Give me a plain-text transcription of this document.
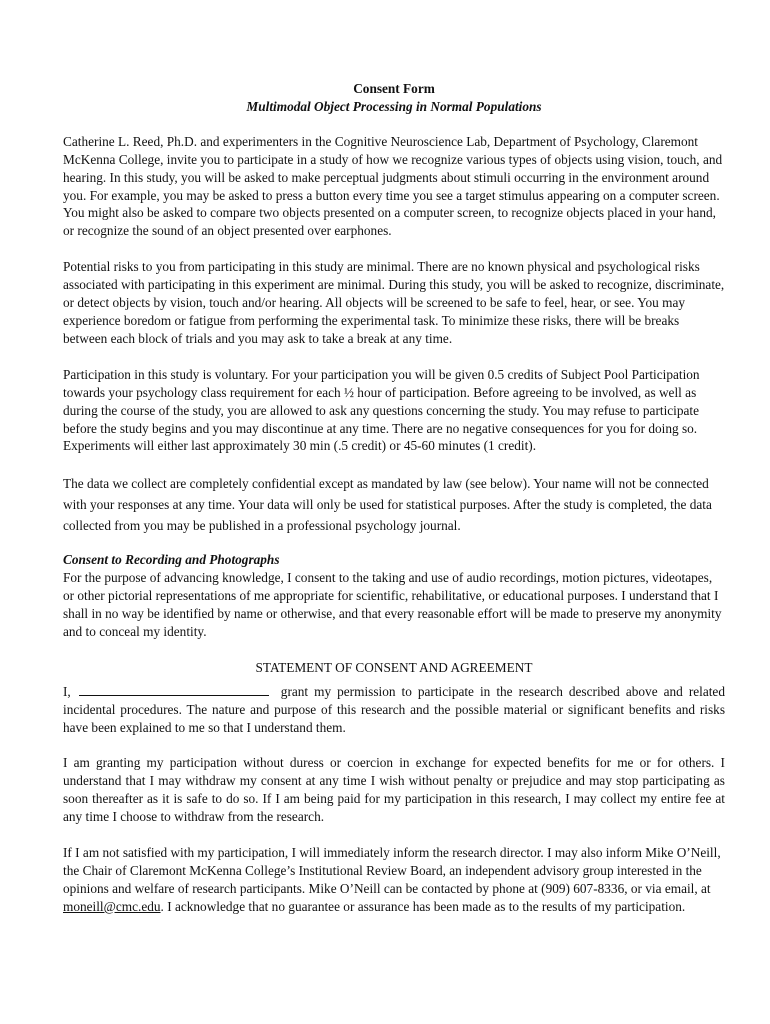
Consent Form

Multimodal Object Processing in Normal Populations

Catherine L. Reed, Ph.D. and experimenters in the Cognitive Neuroscience Lab, Department of Psychology, Claremont McKenna College, invite you to participate in a study of how we recognize various types of objects using vision, touch, and hearing. In this study, you will be asked to make perceptual judgments about stimuli occurring in the environment around you. For example, you may be asked to press a button every time you see a target stimulus appearing on a computer screen. You might also be asked to compare two objects presented on a computer screen, to recognize objects placed in your hand, or recognize the sound of an object presented over earphones.

Potential risks to you from participating in this study are minimal. There are no known physical and psychological risks associated with participating in this experiment are minimal. During this study, you will be asked to recognize, discriminate, or detect objects by vision, touch and/or hearing. All objects will be screened to be safe to feel, hear, or see. You may experience boredom or fatigue from performing the experimental task. To minimize these risks, there will be breaks between each block of trials and you may ask to take a break at any time.

Participation in this study is voluntary. For your participation you will be given 0.5 credits of Subject Pool Participation towards your psychology class requirement for each ½ hour of participation. Before agreeing to be involved, as well as during the course of the study, you are allowed to ask any questions concerning the study. You may refuse to participate before the study begins and you may discontinue at any time. There are no negative consequences for you for doing so. Experiments will either last approximately 30 min (.5 credit) or 45-60 minutes (1 credit).

The data we collect are completely confidential except as mandated by law (see below). Your name will not be connected with your responses at any time. Your data will only be used for statistical purposes. After the study is completed, the data collected from you may be published in a professional psychology journal.

Consent to Recording and Photographs
For the purpose of advancing knowledge, I consent to the taking and use of audio recordings, motion pictures, videotapes, or other pictorial representations of me appropriate for scientific, rehabilitative, or educational purposes. I understand that I shall in no way be identified by name or otherwise, and that every reasonable effort will be made to preserve my anonymity and to conceal my identity.

STATEMENT OF CONSENT AND AGREEMENT

I,	grant my permission to participate in the research described above and related incidental procedures. The nature and purpose of this research and the possible material or significant benefits and risks have been explained to me so that I understand them.

I am granting my participation without duress or coercion in exchange for expected benefits for me or for others. I understand that I may withdraw my consent at any time I wish without penalty or prejudice and may stop participating as soon thereafter as it is safe to do so. If I am being paid for my participation in this research, I may collect my entire fee at any time I choose to withdraw from the research.

If I am not satisfied with my participation, I will immediately inform the research director. I may also inform Mike O’Neill, the Chair of Claremont McKenna College’s Institutional Review Board, an independent advisory group interested in the opinions and welfare of research participants. Mike O’Neill can be contacted by phone at (909) 607-8336, or via email, at moneill@cmc.edu. I acknowledge that no guarantee or assurance has been made as to the results of my participation.
